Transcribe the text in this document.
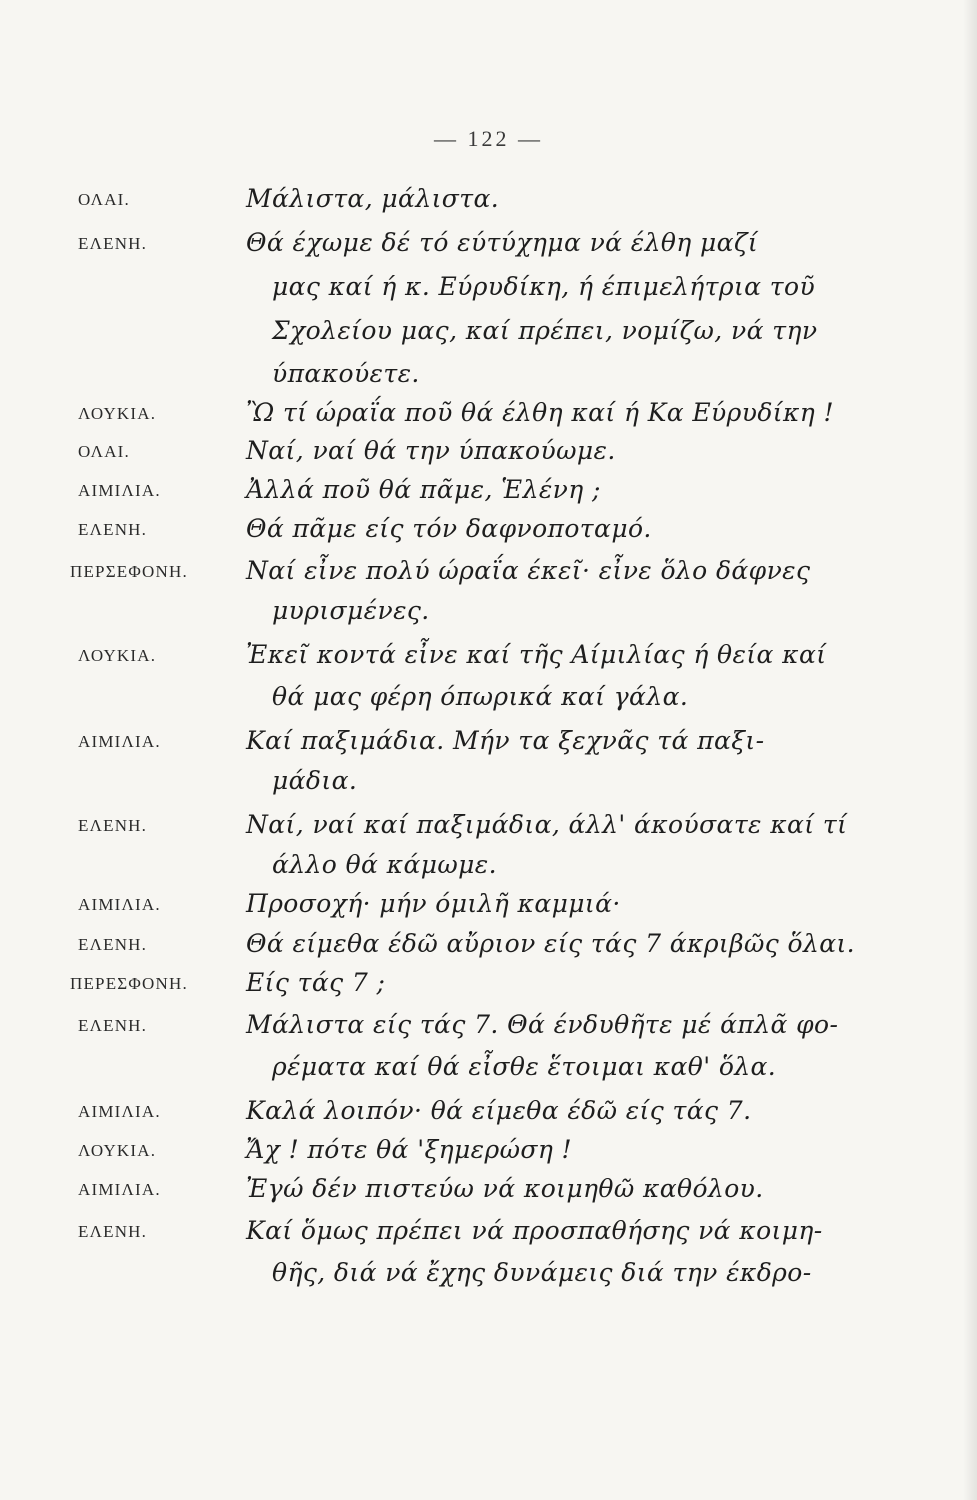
— 122 —
ΟΛΑΙ.	Μάλιστα, μάλιστα.
ΕΛΕΝΗ.	Θά έχωμε δέ τό εύτύχημα νά έλθη μαζί
μας καί ή κ. Εύρυδίκη, ή έπιμελήτρια τοῦ
Σχολείου μας, καί πρέπει, νομίζω, νά την
ύπακούετε.
ΛΟΥΚΙΑ.	Ὢ τί ώραΐα ποῦ θά έλθη καί ή Κα Εύρυδίκη !
ΟΛΑΙ.	Ναί, ναί θά την ύπακούωμε.
ΑΙΜΙΛΙΑ.	Ἀλλά ποῦ θά πᾶμε, Ἑλένη ;
ΕΛΕΝΗ.	Θά πᾶμε είς τόν δαφνοποταμό.
ΠΕΡΣΕΦΟΝΗ. Ναί εἶνε πολύ ώραΐα έκεῖ· εἶνε ὅλο δάφνες
μυρισμένες.
ΛΟΥΚΙΑ.	Ἐκεῖ κοντά εἶνε καί τῆς Αίμιλίας ή θεία καί
θά μας φέρη όπωρικά καί γάλα.
ΑΙΜΙΛΙΑ.	Καί παξιμάδια. Μήν τα ξεχνᾶς τά παξι-
μάδια.
ΕΛΕΝΗ.	Ναί, ναί καί παξιμάδια, άλλ' άκούσατε καί τί
άλλο θά κάμωμε.
ΑΙΜΙΛΙΑ.	Προσοχή· μήν όμιλῆ καμμιά·
ΕΛΕΝΗ.	Θά είμεθα έδῶ αὔριον είς τάς 7 άκριβῶς ὅλαι.
ΠΕΡΕΣΦΟΝΗ. Είς τάς 7 ;
ΕΛΕΝΗ.	Μάλιστα είς τάς 7. Θά ένδυθῆτε μέ άπλᾶ φο-
ρέματα καί θά εἶσθε ἕτοιμαι καθ' ὅλα.
ΑΙΜΙΛΙΑ.	Καλά λοιπόν· θά είμεθα έδῶ είς τάς 7.
ΛΟΥΚΙΑ.	Ἄχ ! πότε θά 'ξημερώση !
ΑΙΜΙΛΙΑ.	Ἐγώ δέν πιστεύω νά κοιμηθῶ καθόλου.
ΕΛΕΝΗ.	Καί ὅμως πρέπει νά προσπαθήσης νά κοιμη-
θῆς, διά νά ἔχης δυνάμεις διά την έκδρο-
